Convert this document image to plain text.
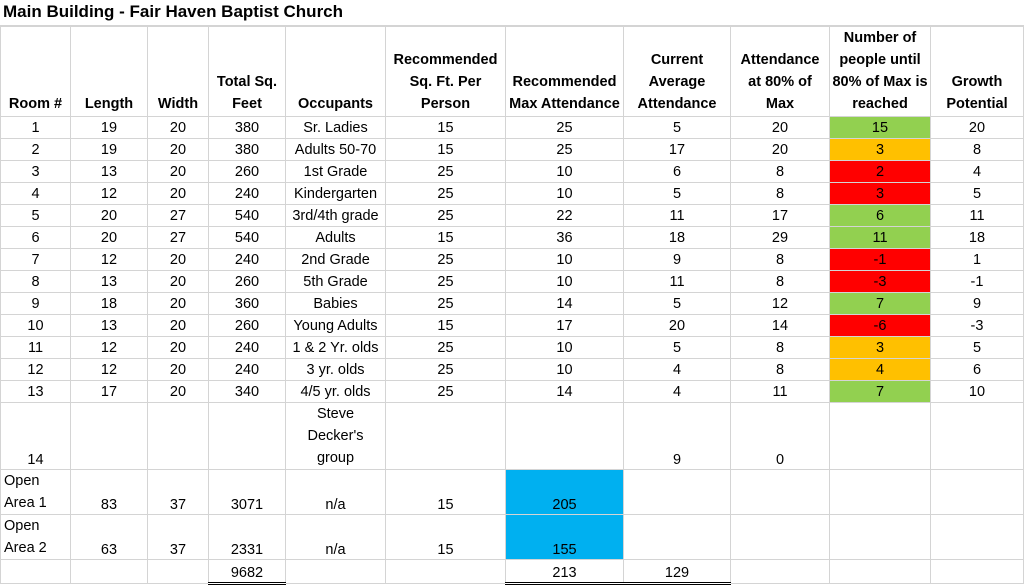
Main Building - Fair Haven Baptist Church
Room #	Length	Width	Total Sq. Feet	Occupants	Recommended Sq. Ft. Per Person	Recommended Max Attendance	Current Average Attendance	Attendance at 80% of Max	Number of people until 80% of Max is reached	Growth Potential
1	19	20	380	Sr. Ladies	15	25	5	20	15	20
2	19	20	380	Adults 50-70	15	25	17	20	3	8
3	13	20	260	1st Grade	25	10	6	8	2	4
4	12	20	240	Kindergarten	25	10	5	8	3	5
5	20	27	540	3rd/4th grade	25	22	11	17	6	11
6	20	27	540	Adults	15	36	18	29	11	18
7	12	20	240	2nd Grade	25	10	9	8	-1	1
8	13	20	260	5th Grade	25	10	11	8	-3	-1
9	18	20	360	Babies	25	14	5	12	7	9
10	13	20	260	Young Adults	15	17	20	14	-6	-3
11	12	20	240	1 & 2 Yr. olds	25	10	5	8	3	5
12	12	20	240	3 yr. olds	25	10	4	8	4	6
13	17	20	340	4/5 yr. olds	25	14	4	11	7	10
14				Steve Decker's group			9	0		
Open Area 1	83	37	3071	n/a	15	205				
Open Area 2	63	37	2331	n/a	15	155				
			9682			213	129			
